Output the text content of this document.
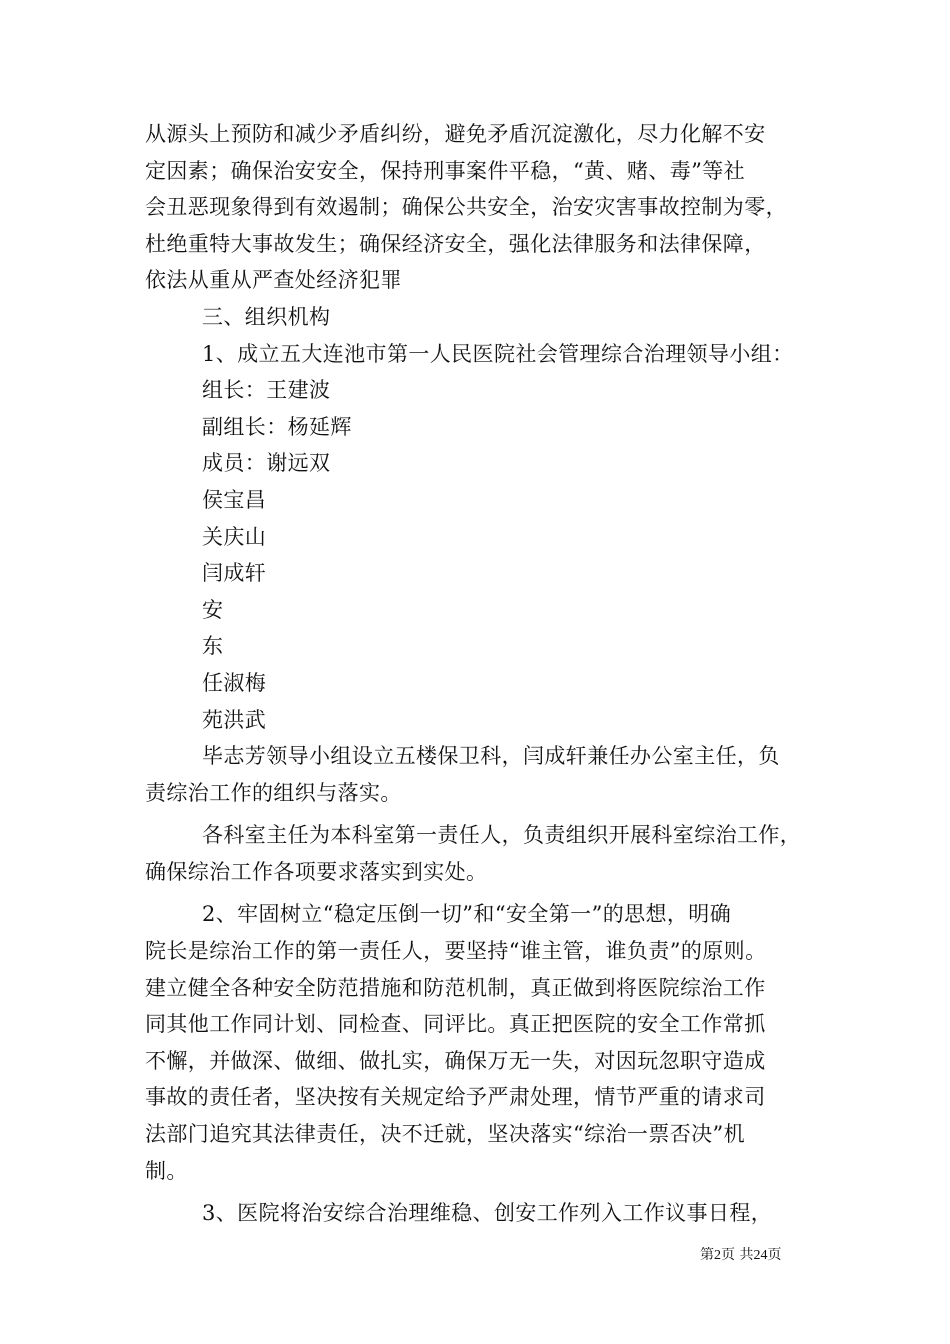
从源头上预防和减少矛盾纠纷，避免矛盾沉淀激化，尽力化解不安
定因素；确保治安安全，保持刑事案件平稳，“黄、赌、毒”等社
会丑恶现象得到有效遏制；确保公共安全，治安灾害事故控制为零，
杜绝重特大事故发生；确保经济安全，强化法律服务和法律保障，
依法从重从严查处经济犯罪
三、组织机构
1、成立五大连池市第一人民医院社会管理综合治理领导小组：
组长：王建波
副组长：杨延辉
成员：谢远双
侯宝昌
关庆山
闫成轩
安
东
任淑梅
苑洪武
毕志芳领导小组设立五楼保卫科，闫成轩兼任办公室主任，负
责综治工作的组织与落实。
各科室主任为本科室第一责任人，负责组织开展科室综治工作，
确保综治工作各项要求落实到实处。
2、牢固树立“稳定压倒一切”和“安全第一”的思想，明确
院长是综治工作的第一责任人，要坚持“谁主管，谁负责”的原则。
建立健全各种安全防范措施和防范机制，真正做到将医院综治工作
同其他工作同计划、同检查、同评比。真正把医院的安全工作常抓
不懈，并做深、做细、做扎实，确保万无一失，对因玩忽职守造成
事故的责任者，坚决按有关规定给予严肃处理，情节严重的请求司
法部门追究其法律责任，决不迁就，坚决落实“综治一票否决”机
制。
3、医院将治安综合治理维稳、创安工作列入工作议事日程，
第2页 共24页
